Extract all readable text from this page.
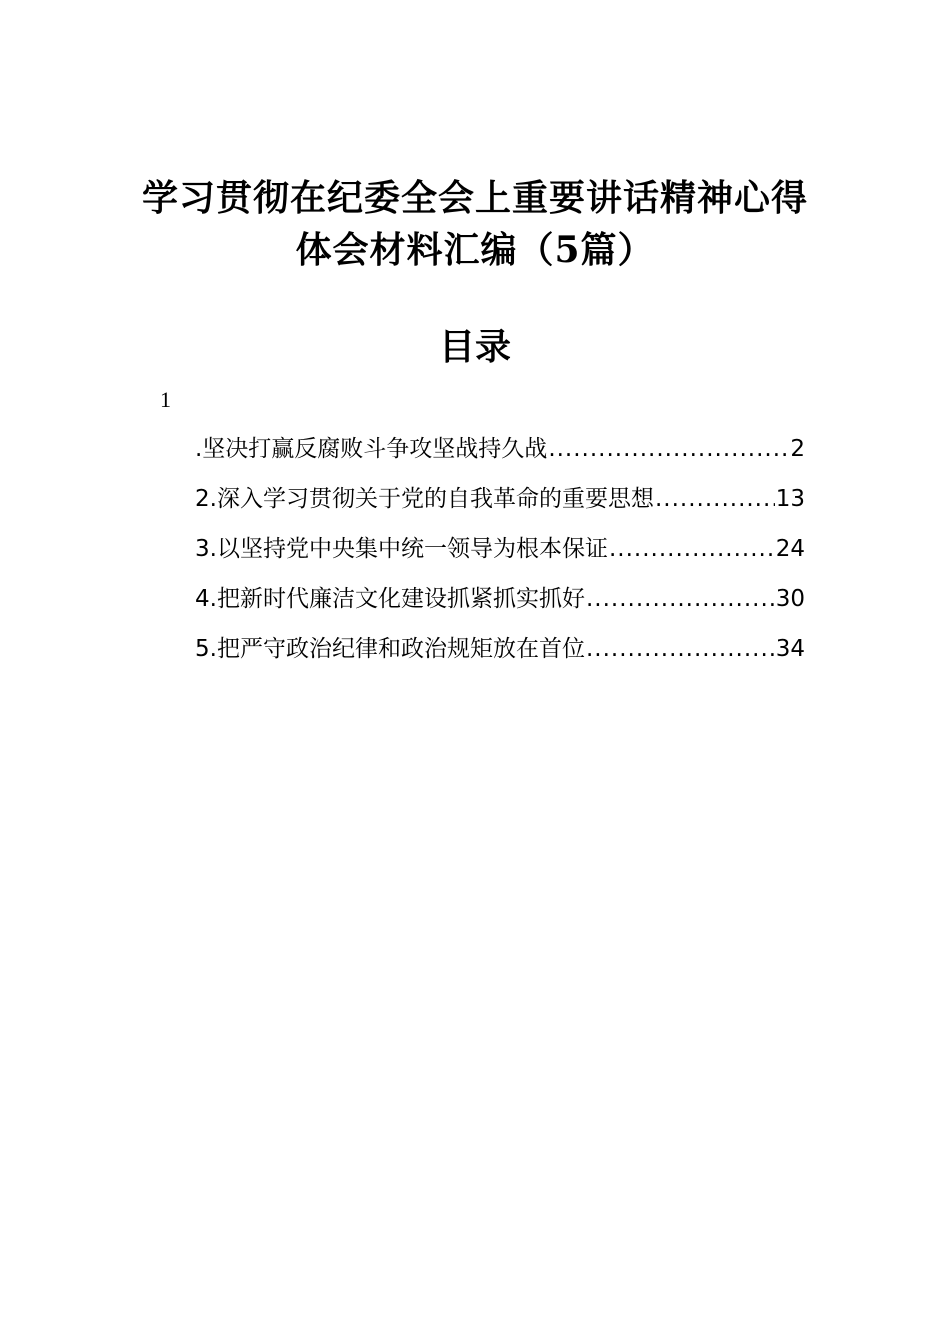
学习贯彻在纪委全会上重要讲话精神心得
体会材料汇编（5篇）
目录
1
.坚决打赢反腐败斗争攻坚战持久战 .....	2
2.深入学习贯彻关于党的自我革命的重要思想 .....	13
3.以坚持党中央集中统一领导为根本保证 .....	24
4.把新时代廉洁文化建设抓紧抓实抓好 .....	30
5.把严守政治纪律和政治规矩放在首位 .....	34
